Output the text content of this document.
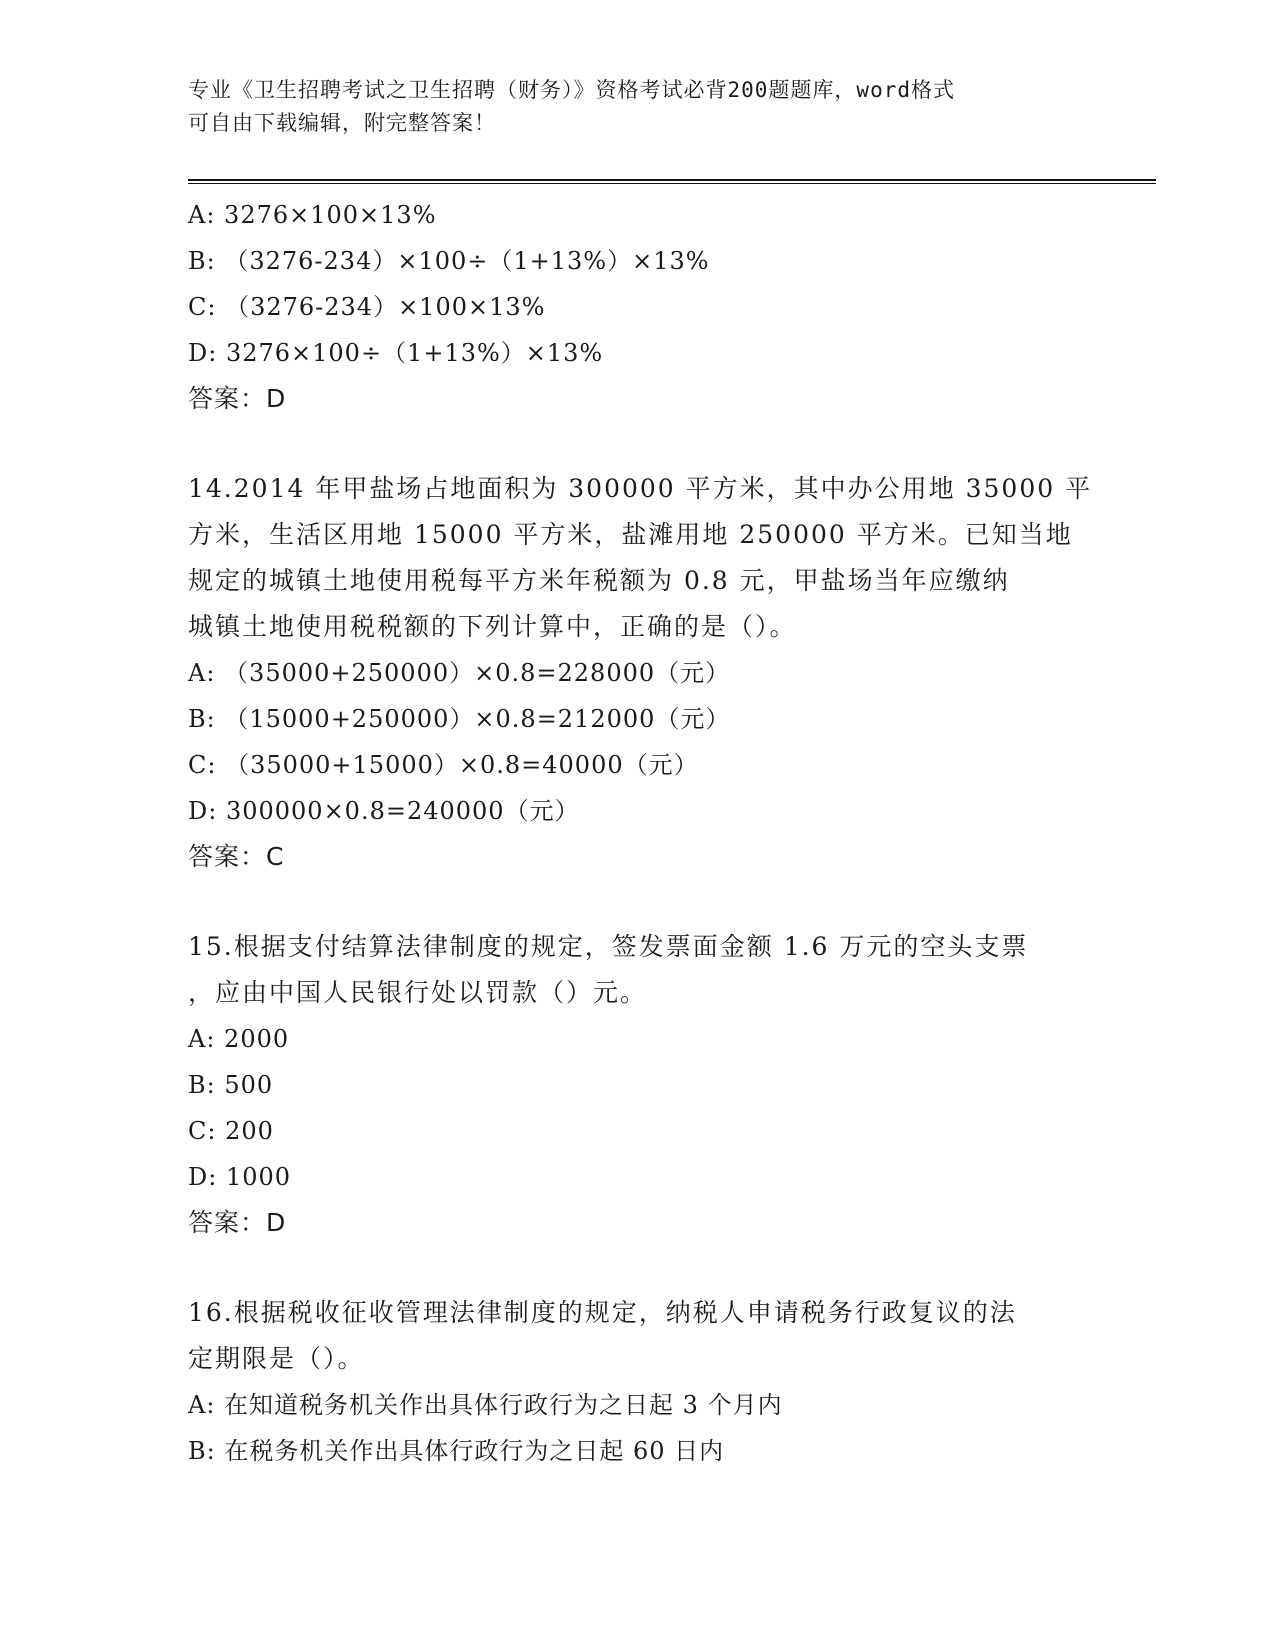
专业《卫生招聘考试之卫生招聘（财务）》资格考试必背200题题库，word格式
可自由下载编辑，附完整答案！
A: 3276×100×13%
B: （3276-234）×100÷（1+13%）×13%
C: （3276-234）×100×13%
D: 3276×100÷（1+13%）×13%
答案：D
14.2014 年甲盐场占地面积为 300000 平方米，其中办公用地 35000 平
方米，生活区用地 15000 平方米，盐滩用地 250000 平方米。已知当地
规定的城镇土地使用税每平方米年税额为 0.8 元，甲盐场当年应缴纳
城镇土地使用税税额的下列计算中，正确的是（）。
A: （35000+250000）×0.8=228000（元）
B: （15000+250000）×0.8=212000（元）
C: （35000+15000）×0.8=40000（元）
D: 300000×0.8=240000（元）
答案：C
15.根据支付结算法律制度的规定，签发票面金额 1.6 万元的空头支票
，应由中国人民银行处以罚款（）元。
A: 2000
B: 500
C: 200
D: 1000
答案：D
16.根据税收征收管理法律制度的规定，纳税人申请税务行政复议的法
定期限是（）。
A: 在知道税务机关作出具体行政行为之日起 3 个月内
B: 在税务机关作出具体行政行为之日起 60 日内
